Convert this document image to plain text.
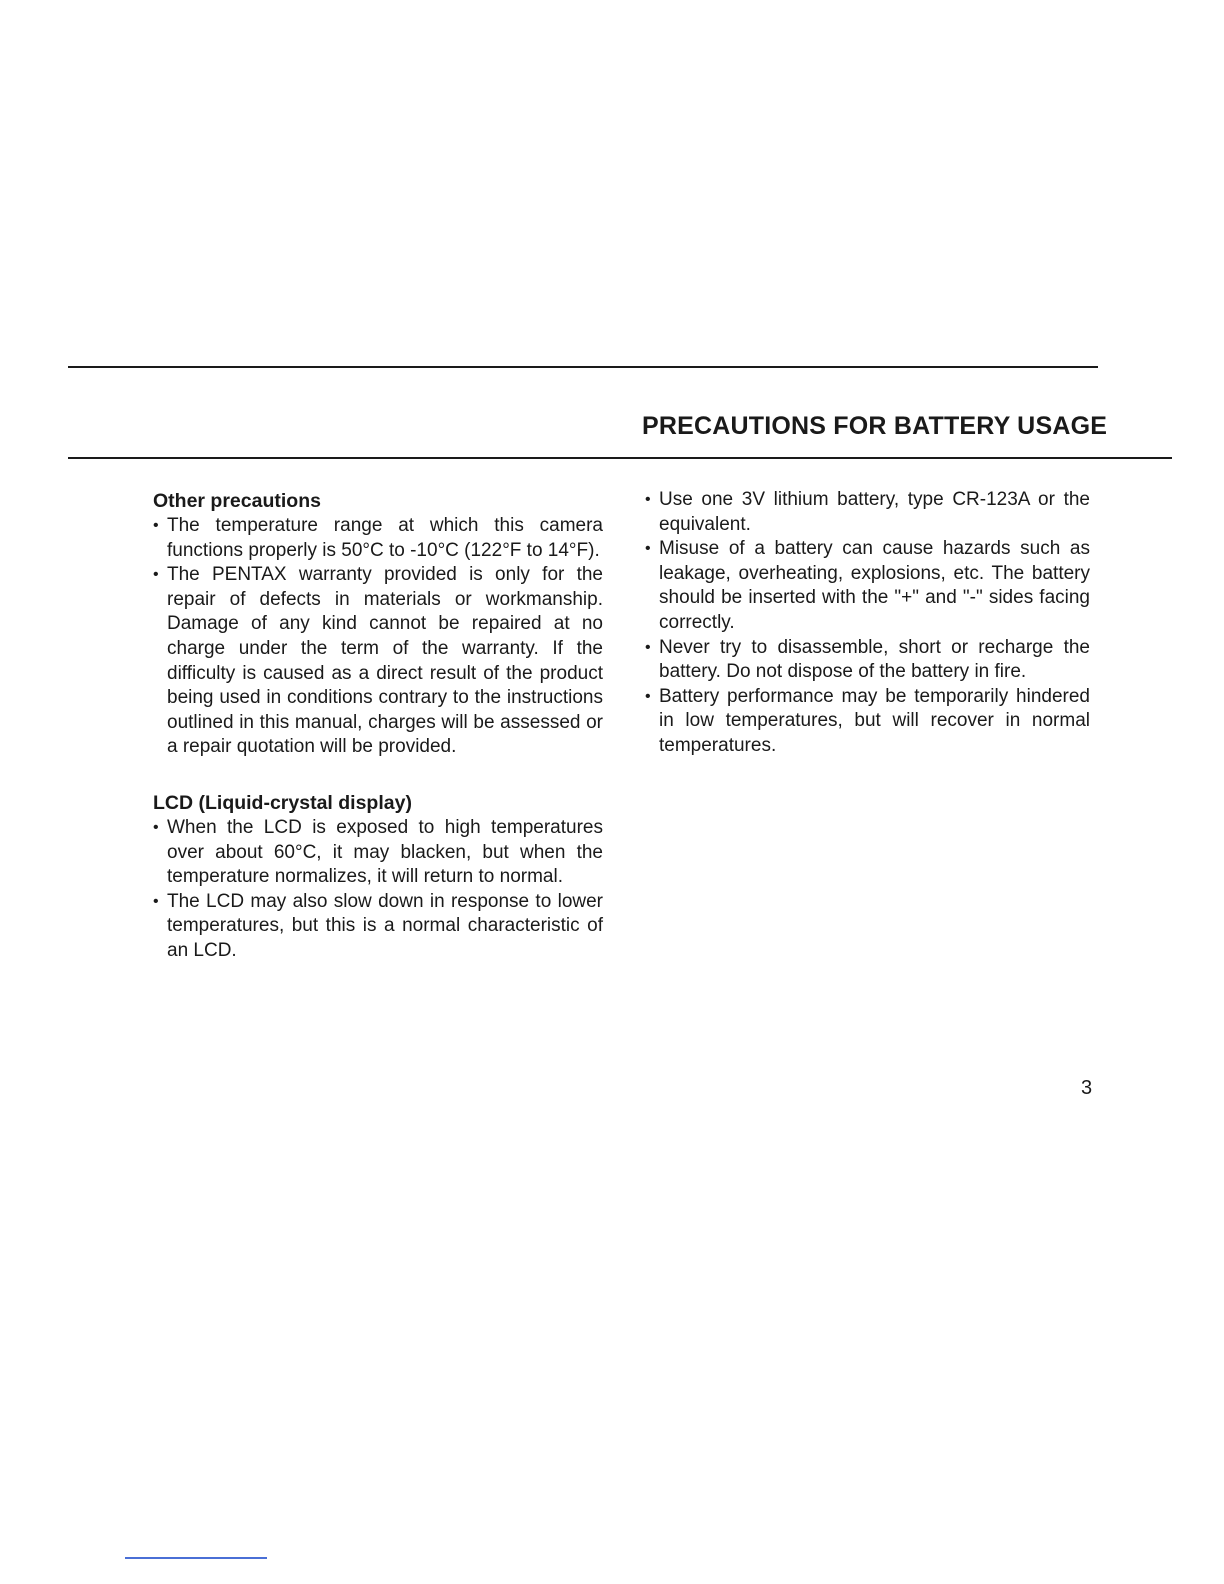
PRECAUTIONS FOR BATTERY USAGE
Other precautions
• The temperature range at which this camera functions properly is 50°C to -10°C (122°F to 14°F).
• The PENTAX warranty provided is only for the repair of defects in materials or workmanship. Damage of any kind cannot be repaired at no charge under the term of the warranty. If the difficulty is caused as a direct result of the product being used in conditions contrary to the instructions outlined in this manual, charges will be assessed or a repair quotation will be provided.
LCD (Liquid-crystal display)
• When the LCD is exposed to high temperatures over about 60°C, it may blacken, but when the temperature normalizes, it will return to normal.
• The LCD may also slow down in response to lower temperatures, but this is a normal characteristic of an LCD.
• Use one 3V lithium battery, type CR-123A or the equivalent.
• Misuse of a battery can cause hazards such as leakage, overheating, explosions, etc. The battery should be inserted with the "+" and "-" sides facing correctly.
• Never try to disassemble, short or recharge the battery. Do not dispose of the battery in fire.
• Battery performance may be temporarily hindered in low temperatures, but will recover in normal temperatures.

3
